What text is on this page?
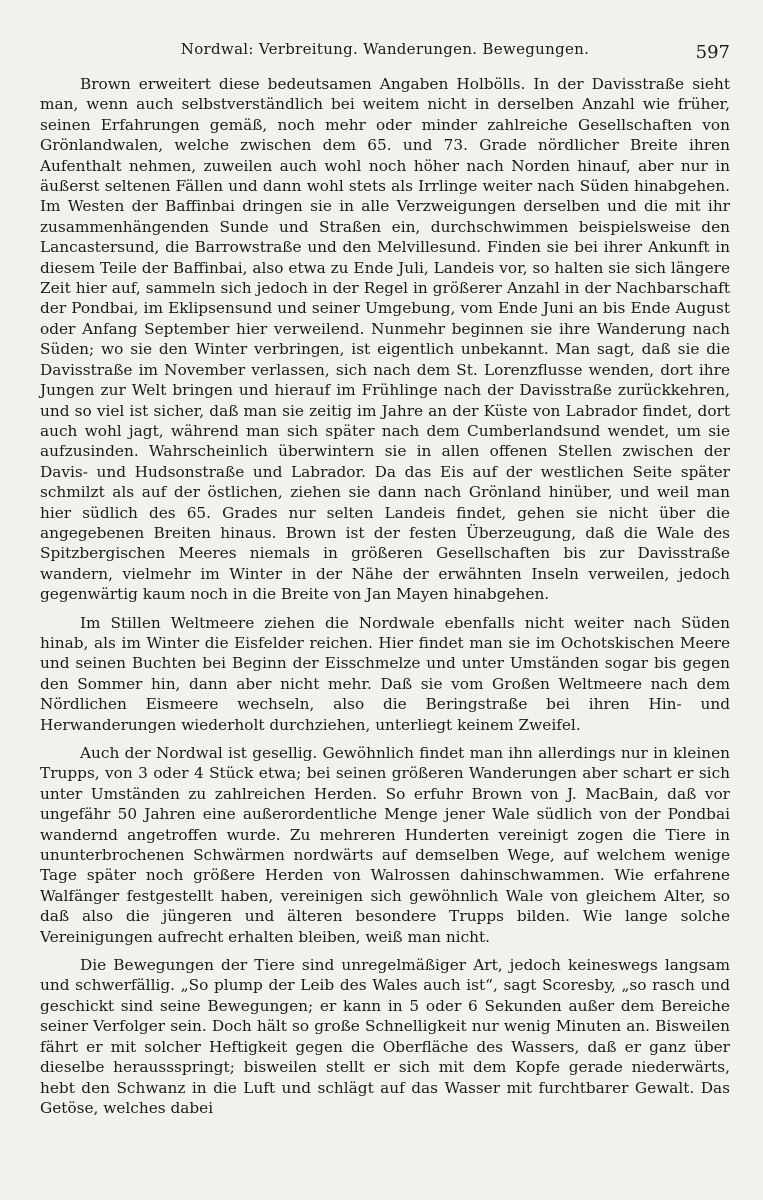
Nordwal: Verbreitung. Wanderungen. Bewegungen.	597

Brown erweitert diese bedeutsamen Angaben Holbölls. In der Davisstraße sieht man, wenn auch selbstverständlich bei weitem nicht in derselben Anzahl wie früher, seinen Erfahrungen gemäß, noch mehr oder minder zahlreiche Gesellschaften von Grönlandwalen, welche zwischen dem 65. und 73. Grade nördlicher Breite ihren Aufenthalt nehmen, zuweilen auch wohl noch höher nach Norden hinauf, aber nur in äußerst seltenen Fällen und dann wohl stets als Irrlinge weiter nach Süden hinabgehen. Im Westen der Baffinbai dringen sie in alle Verzweigungen derselben und die mit ihr zusammenhängenden Sunde und Straßen ein, durchschwimmen beispielsweise den Lancastersund, die Barrowstraße und den Melvillesund. Finden sie bei ihrer Ankunft in diesem Teile der Baffinbai, also etwa zu Ende Juli, Landeis vor, so halten sie sich längere Zeit hier auf, sammeln sich jedoch in der Regel in größerer Anzahl in der Nachbarschaft der Pondbai, im Eklipsensund und seiner Umgebung, vom Ende Juni an bis Ende August oder Anfang September hier verweilend. Nunmehr beginnen sie ihre Wanderung nach Süden; wo sie den Winter verbringen, ist eigentlich unbekannt. Man sagt, daß sie die Davisstraße im November verlassen, sich nach dem St. Lorenzflusse wenden, dort ihre Jungen zur Welt bringen und hierauf im Frühlinge nach der Davisstraße zurückkehren, und so viel ist sicher, daß man sie zeitig im Jahre an der Küste von Labrador findet, dort auch wohl jagt, während man sich später nach dem Cumberlandsund wendet, um sie aufzusinden. Wahrscheinlich überwintern sie in allen offenen Stellen zwischen der Davis- und Hudsonstraße und Labrador. Da das Eis auf der westlichen Seite später schmilzt als auf der östlichen, ziehen sie dann nach Grönland hinüber, und weil man hier südlich des 65. Grades nur selten Landeis findet, gehen sie nicht über die angegebenen Breiten hinaus. Brown ist der festen Überzeugung, daß die Wale des Spitzbergischen Meeres niemals in größeren Gesellschaften bis zur Davisstraße wandern, vielmehr im Winter in der Nähe der erwähnten Inseln verweilen, jedoch gegenwärtig kaum noch in die Breite von Jan Mayen hinabgehen.

Im Stillen Weltmeere ziehen die Nordwale ebenfalls nicht weiter nach Süden hinab, als im Winter die Eisfelder reichen. Hier findet man sie im Ochotskischen Meere und seinen Buchten bei Beginn der Eisschmelze und unter Umständen sogar bis gegen den Sommer hin, dann aber nicht mehr. Daß sie vom Großen Weltmeere nach dem Nördlichen Eismeere wechseln, also die Beringstraße bei ihren Hin- und Herwanderungen wiederholt durchziehen, unterliegt keinem Zweifel.

Auch der Nordwal ist gesellig. Gewöhnlich findet man ihn allerdings nur in kleinen Trupps, von 3 oder 4 Stück etwa; bei seinen größeren Wanderungen aber schart er sich unter Umständen zu zahlreichen Herden. So erfuhr Brown von J. MacBain, daß vor ungefähr 50 Jahren eine außerordentliche Menge jener Wale südlich von der Pondbai wandernd angetroffen wurde. Zu mehreren Hunderten vereinigt zogen die Tiere in ununterbrochenen Schwärmen nordwärts auf demselben Wege, auf welchem wenige Tage später noch größere Herden von Walrossen dahinschwammen. Wie erfahrene Walfänger festgestellt haben, vereinigen sich gewöhnlich Wale von gleichem Alter, so daß also die jüngeren und älteren besondere Trupps bilden. Wie lange solche Vereinigungen aufrecht erhalten bleiben, weiß man nicht.

Die Bewegungen der Tiere sind unregelmäßiger Art, jedoch keineswegs langsam und schwerfällig. „So plump der Leib des Wales auch ist“, sagt Scoresby, „so rasch und geschickt sind seine Bewegungen; er kann in 5 oder 6 Sekunden außer dem Bereiche seiner Verfolger sein. Doch hält so große Schnelligkeit nur wenig Minuten an. Bisweilen fährt er mit solcher Heftigkeit gegen die Oberfläche des Wassers, daß er ganz über dieselbe heraussspringt; bisweilen stellt er sich mit dem Kopfe gerade niederwärts, hebt den Schwanz in die Luft und schlägt auf das Wasser mit furchtbarer Gewalt. Das Getöse, welches dabei
